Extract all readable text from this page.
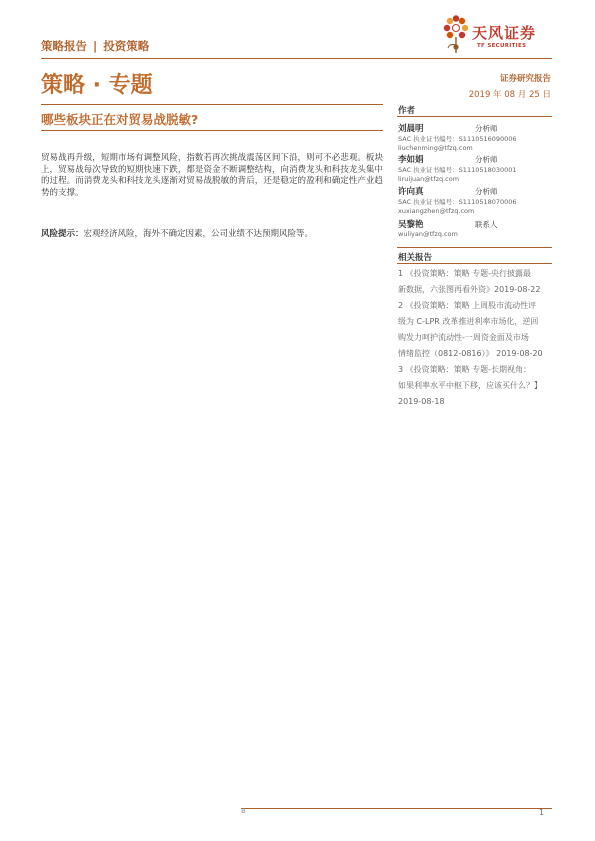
策略报告 | 投资策略
天风证券
TF SECURITIES
策略 · 专题	证券研究报告
2019 年 08 月 25 日
哪些板块正在对贸易战脱敏?
贸易战再升级，短期市场有调整风险，指数若再次挑战震荡区间下沿，则可不必悲观。板块上，贸易战每次导致的短期快速下跌，都是资金不断调整结构，向消费龙头和科技龙头集中的过程。而消费龙头和科技龙头逐渐对贸易战脱敏的背后，还是稳定的盈利和确定性产业趋势的支撑。
风险提示：宏观经济风险，海外不确定因素，公司业绩不达预期风险等。
作者
刘晨明	分析师
SAC 执业证书编号：S1110516090006
liuchenming@tfzq.com
李如娟	分析师
SAC 执业证书编号：S1110518030001
liruijuan@tfzq.com
许向真	分析师
SAC 执业证书编号：S1110518070006
xuxiangzhen@tfzq.com
吴黎艳	联系人
wuliyan@tfzq.com
相关报告
1 《投资策略：策略 专题-央行披露最
新数据，六张图再看外资》2019-08-22
2 《投资策略：策略 上周股市流动性评
级为 C-LPR 改革推进利率市场化，逆回
购发力呵护流动性-一周资金面及市场
情绪监控（0812-0816）》 2019-08-20
3 《投资策略：策略 专题-长期视角：
如果利率水平中枢下移，应该买什么？】
2019-08-18
в	1
